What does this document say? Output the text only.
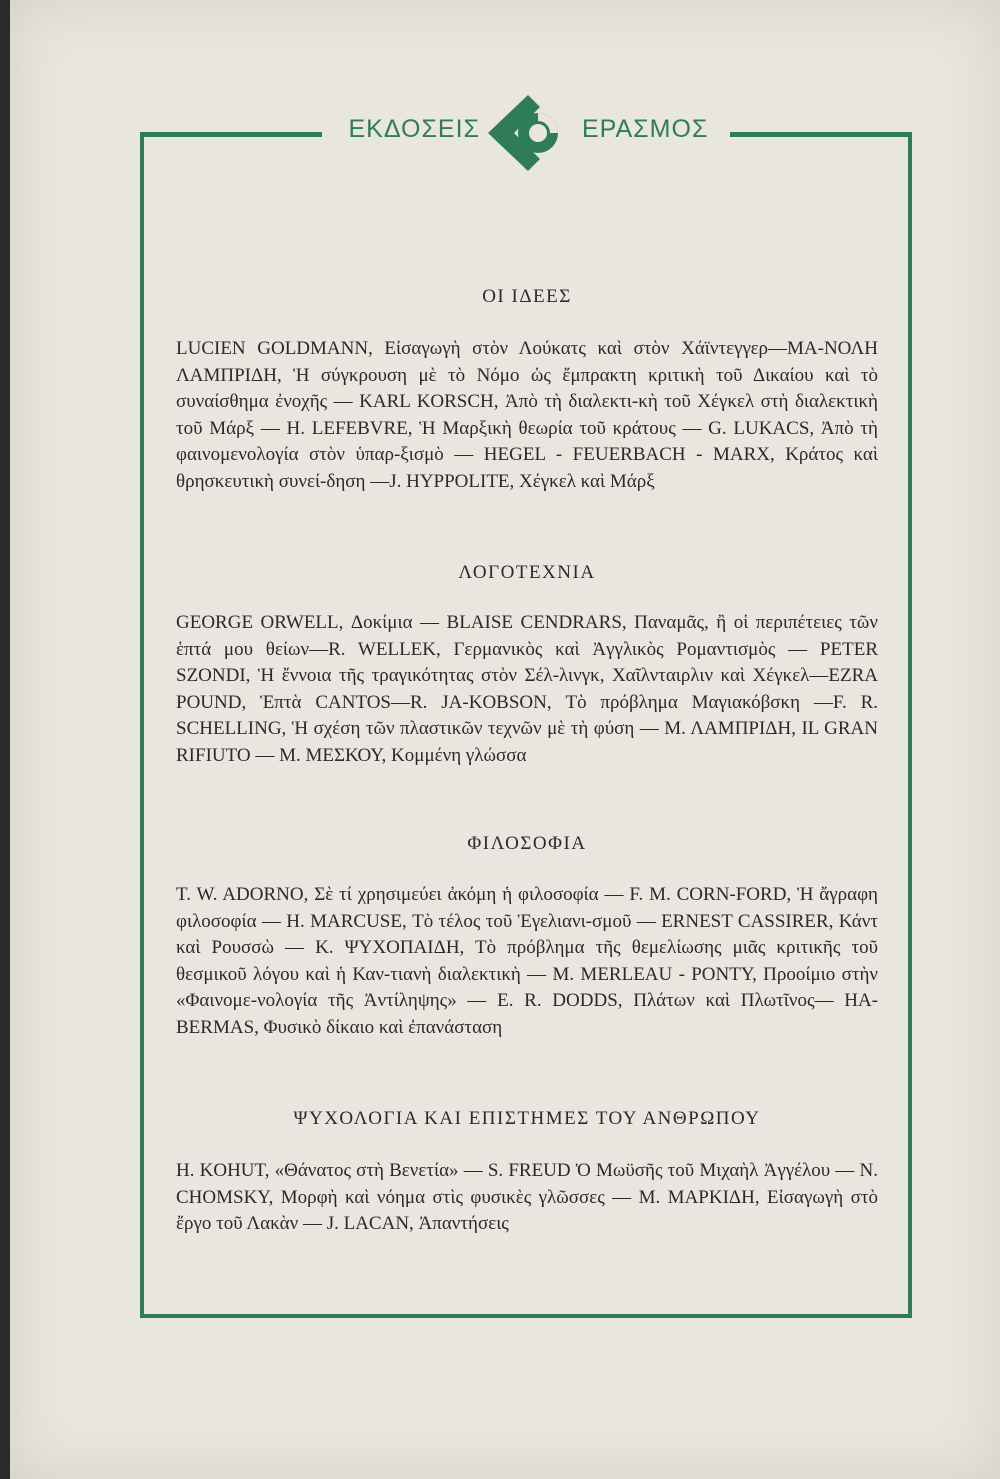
ΕΚΔΟΣΕΙΣ	ΕΡΑΣΜΟΣ
ΟΙ ΙΔΕΕΣ

LUCIEN GOLDMANN, Εἰσαγωγὴ στὸν Λούκατς καὶ στὸν Χάϊντεγγερ—ΜΑ-ΝΟΛΗ ΛΑΜΠΡΙΔΗ, Ἡ σύγκρουση μὲ τὸ Νόμο ὡς ἔμπρακτη κριτικὴ τοῦ Δικαίου καὶ τὸ συναίσθημα ἐνοχῆς — KARL KORSCH, Ἀπὸ τὴ διαλεκτι-κὴ τοῦ Χέγκελ στὴ διαλεκτικὴ τοῦ Μάρξ — H. LEFEBVRE, Ἡ Μαρξικὴ θεωρία τοῦ κράτους — G. LUKACS, Ἀπὸ τὴ φαινομενολογία στὸν ὑπαρ-ξισμὸ — HEGEL - FEUERBACH - MARX, Κράτος καὶ θρησκευτικὴ συνεί-δηση —J. HYPPOLITE, Χέγκελ καὶ Μάρξ

ΛΟΓΟΤΕΧΝΙΑ

GEORGE ORWELL, Δοκίμια — BLAISE CENDRARS, Παναμᾶς, ἢ οἱ περιπέτειες τῶν ἑπτά μου θείων—R. WELLEK, Γερμανικὸς καὶ Ἀγγλικὸς Ρομαντισμὸς — PETER SZONDI, Ἡ ἔννοια τῆς τραγικότητας στὸν Σέλ-λινγκ, Χαῖλνταιρλιν καὶ Χέγκελ—EZRA POUND, Ἑπτὰ CANTOS—R. JA-KOBSON, Τὸ πρόβλημα Μαγιακόβσκη —F. R. SCHELLING, Ἡ σχέση τῶν πλαστικῶν τεχνῶν μὲ τὴ φύση — Μ. ΛΑΜΠΡΙΔΗ, IL GRAN RIFIUTO — Μ. ΜΕΣΚΟΥ, Κομμένη γλώσσα

ΦΙΛΟΣΟΦΙΑ

T. W. ADORNO, Σὲ τί χρησιμεύει ἀκόμη ἡ φιλοσοφία — F. M. CORN-FORD, Ἡ ἄγραφη φιλοσοφία — H. MARCUSE, Τὸ τέλος τοῦ Ἑγελιανι-σμοῦ — ERNEST CASSIRER, Κάντ καὶ Ρουσσὼ — Κ. ΨΥΧΟΠΑΙΔΗ, Τὸ πρόβλημα τῆς θεμελίωσης μιᾶς κριτικῆς τοῦ θεσμικοῦ λόγου καὶ ἡ Καν-τιανὴ διαλεκτικὴ — M. MERLEAU - PONTY, Προοίμιο στὴν «Φαινομε-νολογία τῆς Ἀντίληψης» — E. R. DODDS, Πλάτων καὶ Πλωτῖνος— HA-BERMAS, Φυσικὸ δίκαιο καὶ ἐπανάσταση

ΨΥΧΟΛΟΓΙΑ ΚΑΙ ΕΠΙΣΤΗΜΕΣ ΤΟΥ ΑΝΘΡΩΠΟΥ

H. KOHUT, «Θάνατος στὴ Βενετία» — S. FREUD Ὁ Μωϋσῆς τοῦ Μιχαὴλ Ἀγγέλου — N. CHOMSKY, Μορφὴ καὶ νόημα στὶς φυσικὲς γλῶσσες — Μ. ΜΑΡΚΙΔΗ, Εἰσαγωγὴ στὸ ἔργο τοῦ Λακὰν — J. LACAN, Ἀπαντήσεις
